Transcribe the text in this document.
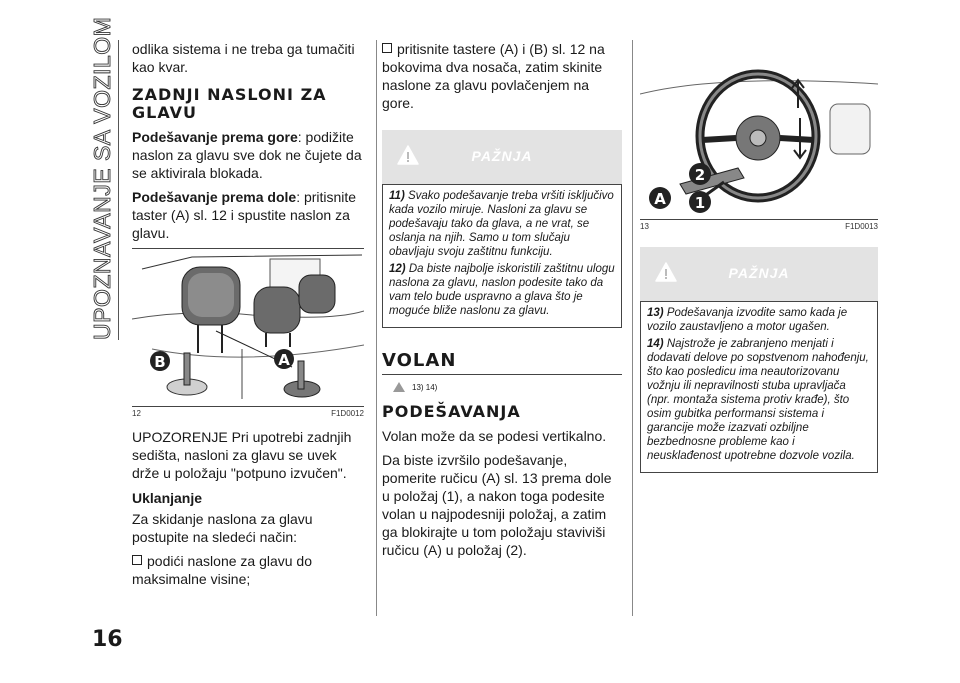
UPOZNAVANJE SA VOZILOM
16

odlika sistema i ne treba ga tumačiti kao kvar.

ZADNJI NASLONI ZA GLAVU

Podešavanje prema gore: podižite naslon za glavu sve dok ne čujete da se aktivirala blokada.

Podešavanje prema dole: pritisnite taster (A) sl. 12 i spustite naslon za glavu.

B	A
12	F1D0012

UPOZORENJE Pri upotrebi zadnjih sedišta, nasloni za glavu se uvek drže u položaju "potpuno izvučen".

Uklanjanje

Za skidanje naslona za glavu postupite na sledeći način:

podići naslone za glavu do maksimalne visine;

pritisnite tastere (A) i (B) sl. 12 na bokovima dva nosača, zatim skinite naslone za glavu povlačenjem na gore.

PAŽNJA

11) Svako podešavanje treba vršiti isključivo kada vozilo miruje. Nasloni za glavu se podešavaju tako da glava, a ne vrat, se oslanja na njih. Samo u tom slučaju obavljaju svoju zaštitnu funkciju.

12) Da biste najbolje iskoristili zaštitnu ulogu naslona za glavu, naslon podesite tako da vam telo bude uspravno a glava što je moguće bliže naslonu za glavu.

VOLAN
13) 14)
PODEŠAVANJA

Volan može da se podesi vertikalno.

Da biste izvršilo podešavanje, pomerite ručicu (A) sl. 13 prema dole u položaj (1), a nakon toga podesite volan u najpodesniji položaj, a zatim ga blokirajte u tom položaju staviviši ručicu (A) u položaj (2).

2
A 1
13	F1D0013
PAŽNJA

13) Podešavanja izvodite samo kada je vozilo zaustavljeno a motor ugašen.

14) Najstrože je zabranjeno menjati i dodavati delove po sopstvenom nahođenju, što kao posledicu ima neautorizovanu vožnju ili nepravilnosti stuba upravljača (npr. montaža sistema protiv krađe), što osim gubitka performansi sistema i garancije može izazvati ozbiljne bezbednosne probleme kao i neusklađenost upotrebne dozvole vozila.
